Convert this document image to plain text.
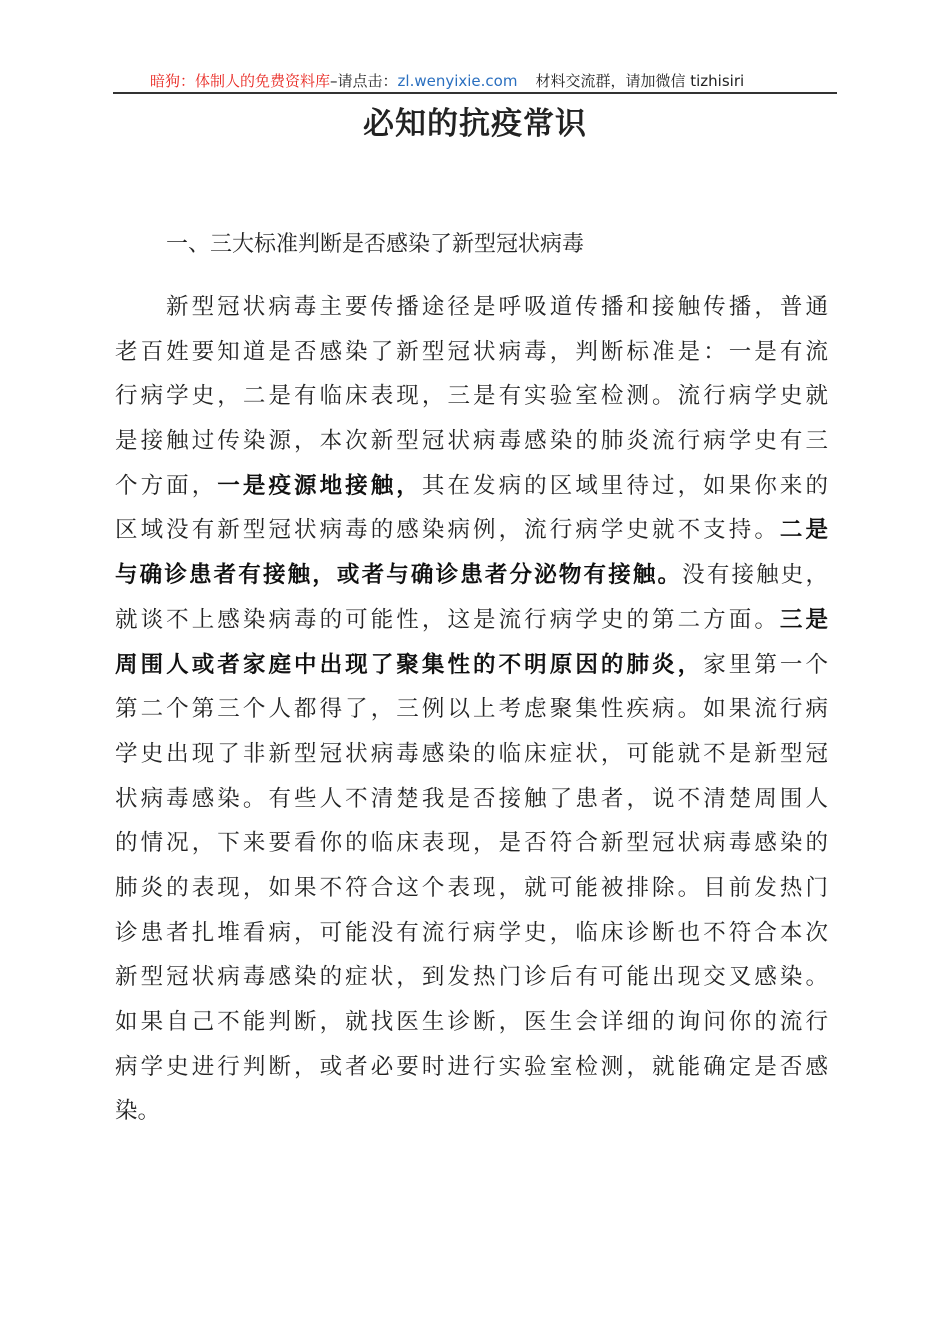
暗狗：体制人的免费资料库–请点击：zl.wenyixie.com 材料交流群，请加微信 tizhisiri
必知的抗疫常识
一、三大标准判断是否感染了新型冠状病毒
新型冠状病毒主要传播途径是呼吸道传播和接触传播，普通
老百姓要知道是否感染了新型冠状病毒，判断标准是：一是有流
行病学史，二是有临床表现，三是有实验室检测。流行病学史就
是接触过传染源，本次新型冠状病毒感染的肺炎流行病学史有三
个方面，一是疫源地接触，其在发病的区域里待过，如果你来的
区域没有新型冠状病毒的感染病例，流行病学史就不支持。二是
与确诊患者有接触，或者与确诊患者分泌物有接触。没有接触史，
就谈不上感染病毒的可能性，这是流行病学史的第二方面。三是
周围人或者家庭中出现了聚集性的不明原因的肺炎，家里第一个
第二个第三个人都得了，三例以上考虑聚集性疾病。如果流行病
学史出现了非新型冠状病毒感染的临床症状，可能就不是新型冠
状病毒感染。有些人不清楚我是否接触了患者，说不清楚周围人
的情况，下来要看你的临床表现，是否符合新型冠状病毒感染的
肺炎的表现，如果不符合这个表现，就可能被排除。目前发热门
诊患者扎堆看病，可能没有流行病学史，临床诊断也不符合本次
新型冠状病毒感染的症状，到发热门诊后有可能出现交叉感染。
如果自己不能判断，就找医生诊断，医生会详细的询问你的流行
病学史进行判断，或者必要时进行实验室检测，就能确定是否感
染。
